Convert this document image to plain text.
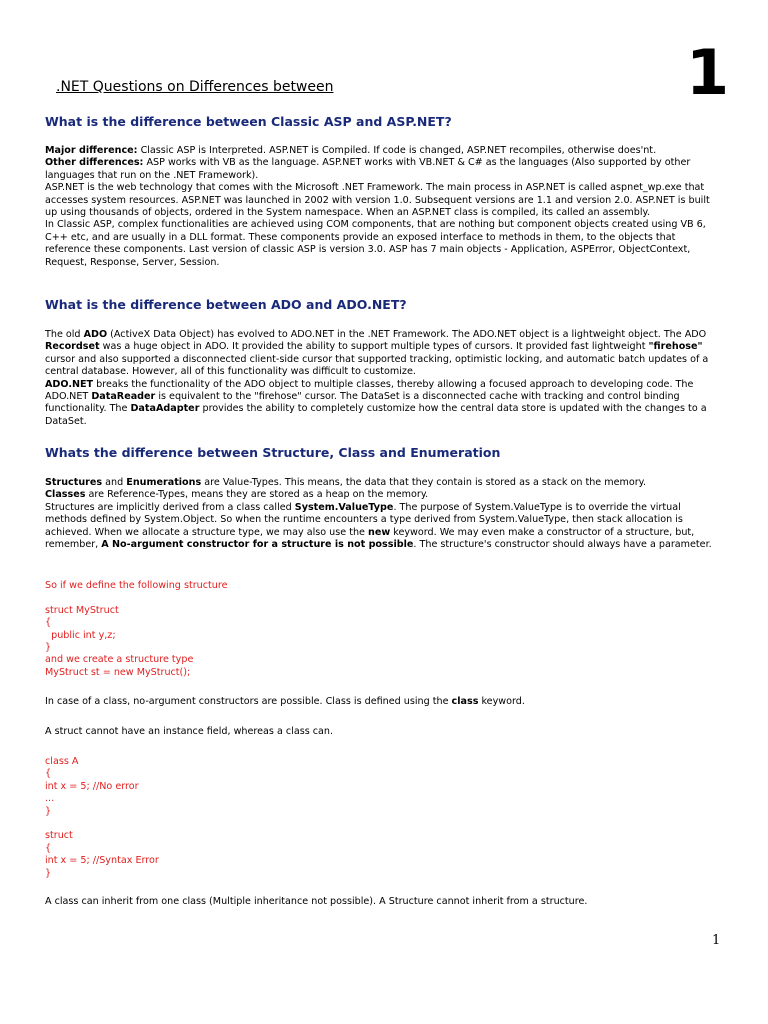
1
.NET Questions on Differences between
What is the difference between Classic ASP and ASP.NET?

Major difference: Classic ASP is Interpreted. ASP.NET is Compiled. If code is changed, ASP.NET recompiles, otherwise does'nt.
Other differences: ASP works with VB as the language. ASP.NET works with VB.NET & C# as the languages (Also supported by other languages that run on the .NET Framework).
ASP.NET is the web technology that comes with the Microsoft .NET Framework. The main process in ASP.NET is called aspnet_wp.exe that accesses system resources. ASP.NET was launched in 2002 with version 1.0. Subsequent versions are 1.1 and version 2.0. ASP.NET is built up using thousands of objects, ordered in the System namespace. When an ASP.NET class is compiled, its called an assembly.
In Classic ASP, complex functionalities are achieved using COM components, that are nothing but component objects created using VB 6, C++ etc, and are usually in a DLL format. These components provide an exposed interface to methods in them, to the objects that reference these components. Last version of classic ASP is version 3.0. ASP has 7 main objects - Application, ASPError, ObjectContext, Request, Response, Server, Session.

What is the difference between ADO and ADO.NET?

The old ADO (ActiveX Data Object) has evolved to ADO.NET in the .NET Framework. The ADO.NET object is a lightweight object. The ADO Recordset was a huge object in ADO. It provided the ability to support multiple types of cursors. It provided fast lightweight "firehose" cursor and also supported a disconnected client-side cursor that supported tracking, optimistic locking, and automatic batch updates of a central database. However, all of this functionality was difficult to customize.
ADO.NET breaks the functionality of the ADO object to multiple classes, thereby allowing a focused approach to developing code. The ADO.NET DataReader is equivalent to the "firehose" cursor. The DataSet is a disconnected cache with tracking and control binding functionality. The DataAdapter provides the ability to completely customize how the central data store is updated with the changes to a DataSet.

Whats the difference between Structure, Class and Enumeration

Structures and Enumerations are Value-Types. This means, the data that they contain is stored as a stack on the memory.
Classes are Reference-Types, means they are stored as a heap on the memory.
Structures are implicitly derived from a class called System.ValueType. The purpose of System.ValueType is to override the virtual methods defined by System.Object. So when the runtime encounters a type derived from System.ValueType, then stack allocation is achieved. When we allocate a structure type, we may also use the new keyword. We may even make a constructor of a structure, but, remember, A No-argument constructor for a structure is not possible. The structure's constructor should always have a parameter.

So if we define the following structure

struct MyStruct
{
public int y,z;
}
and we create a structure type
MyStruct st = new MyStruct();

In case of a class, no-argument constructors are possible. Class is defined using the class keyword.

A struct cannot have an instance field, whereas a class can.

class A
{
int x = 5; //No error
...
}

struct
{
int x = 5; //Syntax Error
}

A class can inherit from one class (Multiple inheritance not possible). A Structure cannot inherit from a structure.

1
